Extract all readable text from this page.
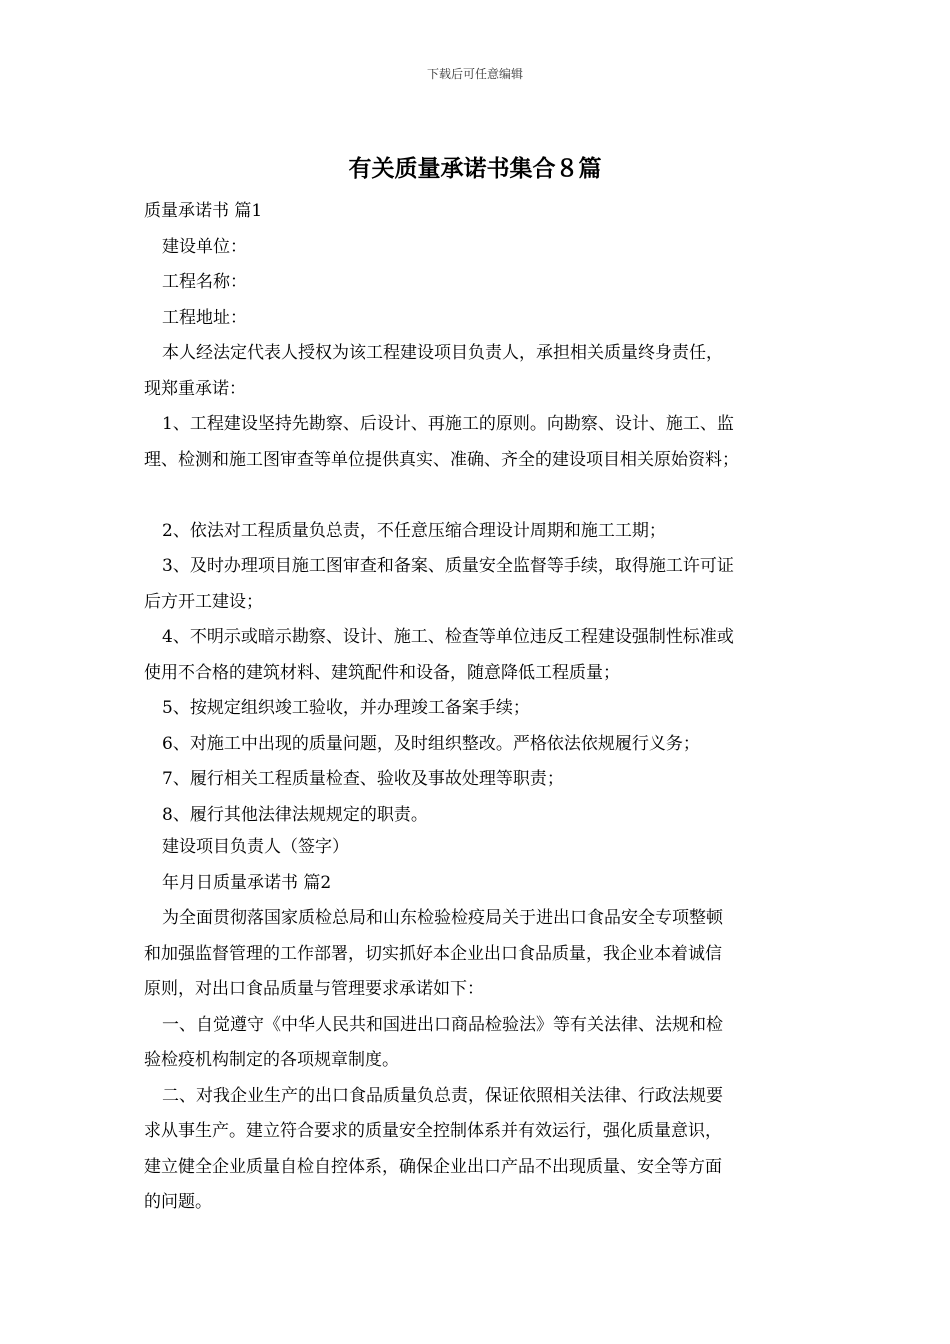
下载后可任意编辑
有关质量承诺书集合８篇
质量承诺书 篇1
建设单位：
工程名称：
工程地址：
本人经法定代表人授权为该工程建设项目负责人，承担相关质量终身责任，
现郑重承诺：
1、工程建设坚持先勘察、后设计、再施工的原则。向勘察、设计、施工、监
理、检测和施工图审查等单位提供真实、准确、齐全的建设项目相关原始资料；
2、依法对工程质量负总责，不任意压缩合理设计周期和施工工期；
3、及时办理项目施工图审查和备案、质量安全监督等手续，取得施工许可证
后方开工建设；
4、不明示或暗示勘察、设计、施工、检查等单位违反工程建设强制性标准或
使用不合格的建筑材料、建筑配件和设备，随意降低工程质量；
5、按规定组织竣工验收，并办理竣工备案手续；
6、对施工中出现的质量问题，及时组织整改。严格依法依规履行义务；
7、履行相关工程质量检查、验收及事故处理等职责；
8、履行其他法律法规规定的职责。
建设项目负责人（签字）
年月日质量承诺书 篇2
为全面贯彻落国家质检总局和山东检验检疫局关于进出口食品安全专项整顿
和加强监督管理的工作部署，切实抓好本企业出口食品质量，我企业本着诚信
原则，对出口食品质量与管理要求承诺如下：
一、自觉遵守《中华人民共和国进出口商品检验法》等有关法律、法规和检
验检疫机构制定的各项规章制度。
二、对我企业生产的出口食品质量负总责，保证依照相关法律、行政法规要
求从事生产。建立符合要求的质量安全控制体系并有效运行，强化质量意识，
建立健全企业质量自检自控体系，确保企业出口产品不出现质量、安全等方面
的问题。
